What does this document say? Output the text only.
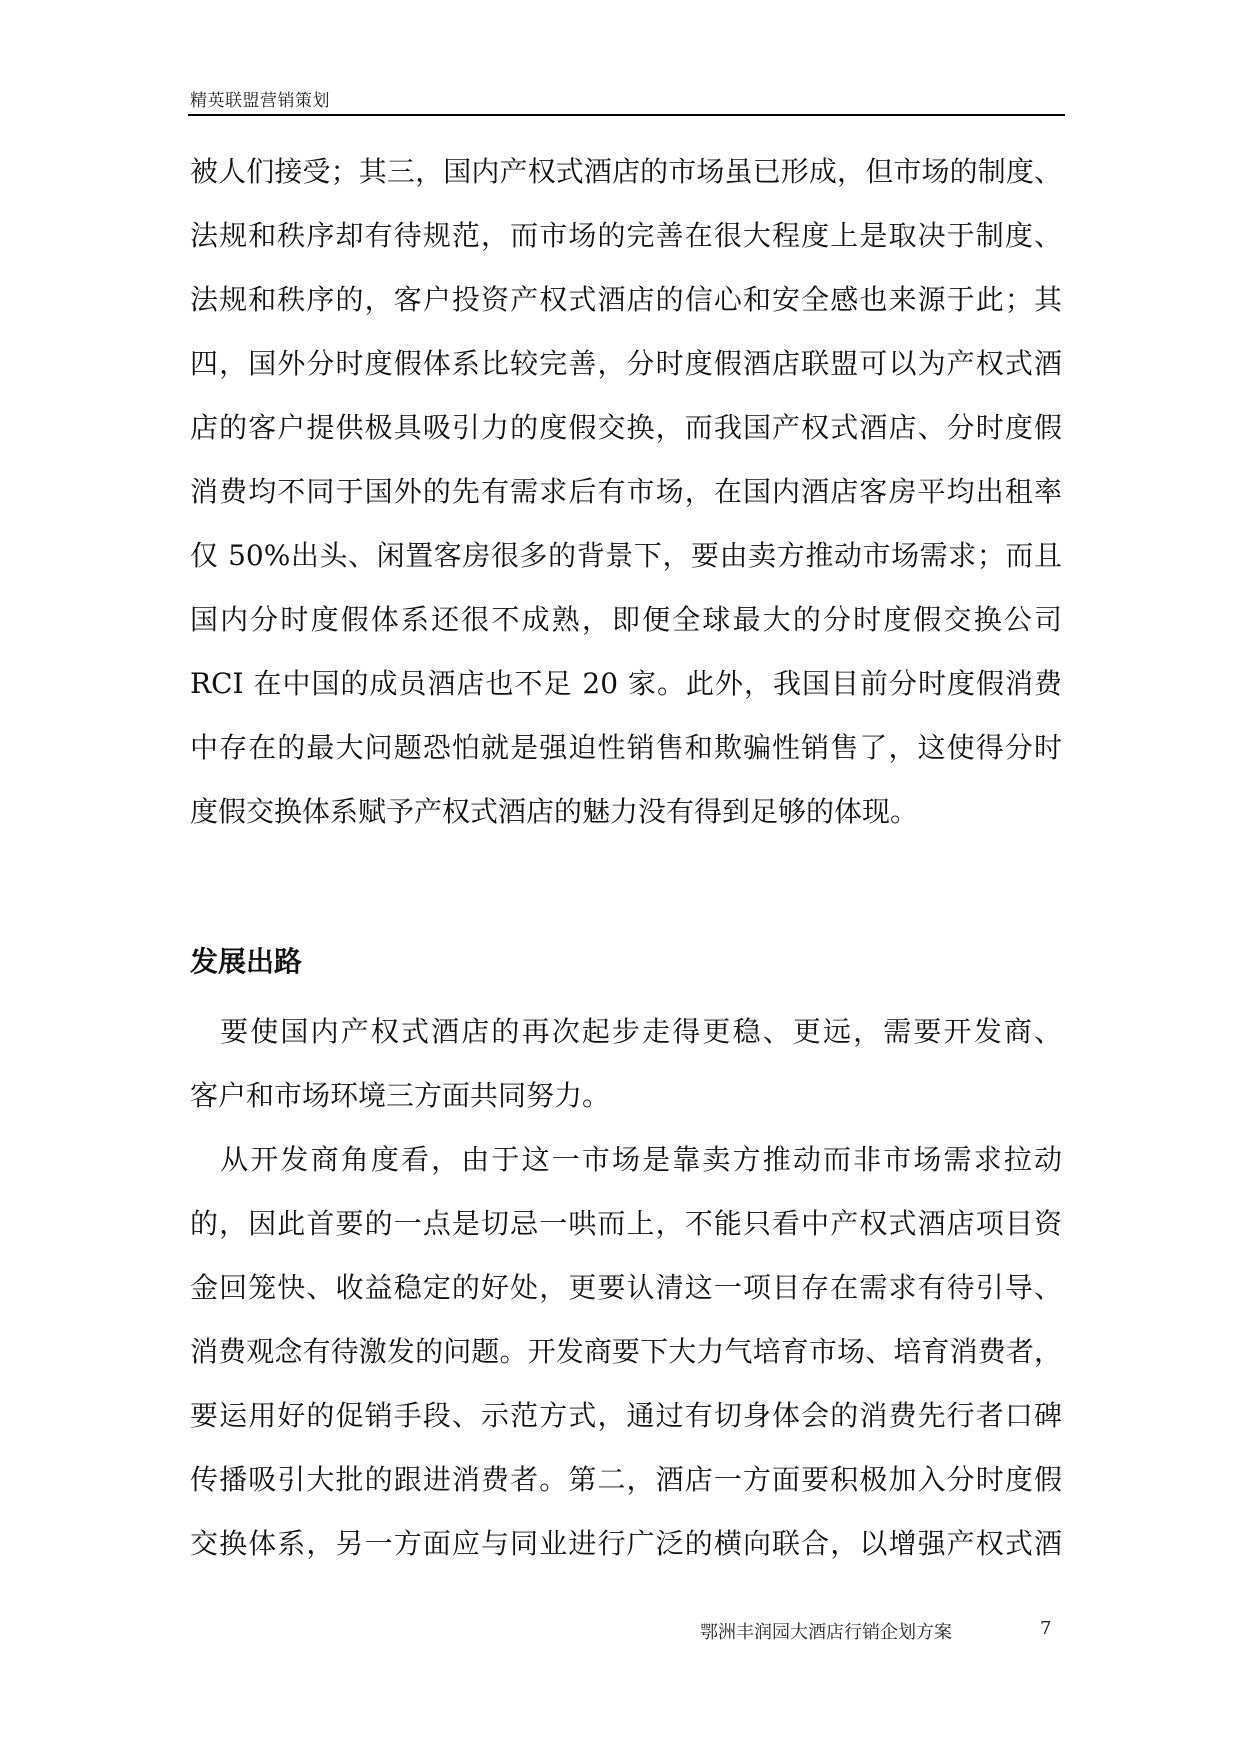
精英联盟营销策划
被人们接受；其三，国内产权式酒店的市场虽已形成，但市场的制度、
法规和秩序却有待规范，而市场的完善在很大程度上是取决于制度、
法规和秩序的，客户投资产权式酒店的信心和安全感也来源于此；其
四，国外分时度假体系比较完善，分时度假酒店联盟可以为产权式酒
店的客户提供极具吸引力的度假交换，而我国产权式酒店、分时度假
消费均不同于国外的先有需求后有市场，在国内酒店客房平均出租率
仅 50%出头、闲置客房很多的背景下，要由卖方推动市场需求；而且
国内分时度假体系还很不成熟，即便全球最大的分时度假交换公司
RCI 在中国的成员酒店也不足 20 家。此外，我国目前分时度假消费
中存在的最大问题恐怕就是强迫性销售和欺骗性销售了，这使得分时
度假交换体系赋予产权式酒店的魅力没有得到足够的体现。
发展出路
　要使国内产权式酒店的再次起步走得更稳、更远，需要开发商、
客户和市场环境三方面共同努力。
　从开发商角度看，由于这一市场是靠卖方推动而非市场需求拉动
的，因此首要的一点是切忌一哄而上，不能只看中产权式酒店项目资
金回笼快、收益稳定的好处，更要认清这一项目存在需求有待引导、
消费观念有待激发的问题。开发商要下大力气培育市场、培育消费者，
要运用好的促销手段、示范方式，通过有切身体会的消费先行者口碑
传播吸引大批的跟进消费者。第二，酒店一方面要积极加入分时度假
交换体系，另一方面应与同业进行广泛的横向联合，以增强产权式酒
鄂洲丰润园大酒店行销企划方案	7
